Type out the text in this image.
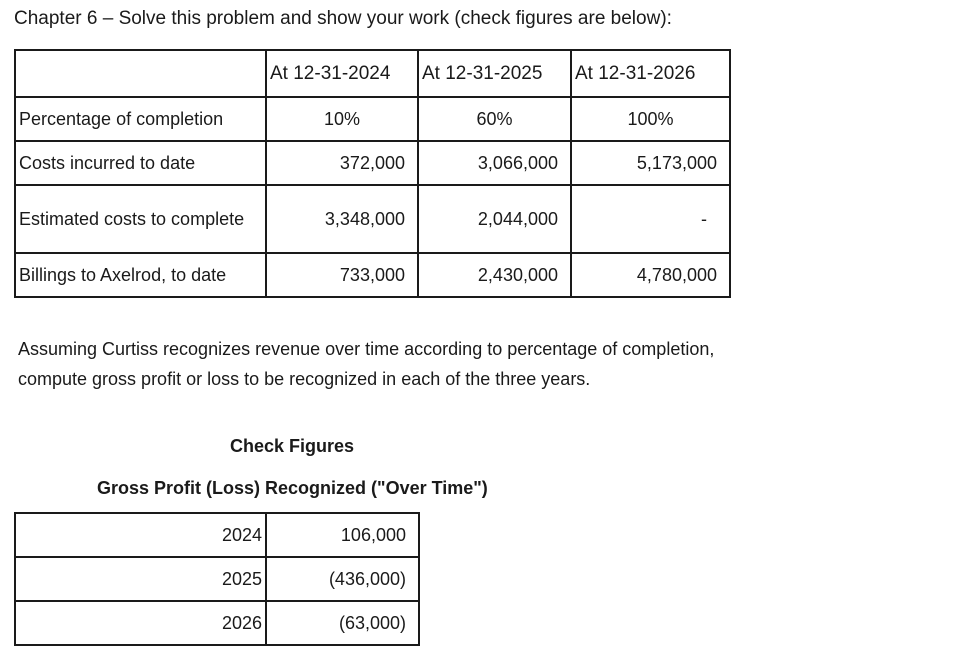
Chapter 6 – Solve this problem and show your work (check figures are below):
	At 12-31-2024	At 12-31-2025	At 12-31-2026
Percentage of completion	10%	60%	100%
Costs incurred to date	372,000	3,066,000	5,173,000
Estimated costs to complete	3,348,000	2,044,000	-
Billings to Axelrod, to date	733,000	2,430,000	4,780,000
Assuming Curtiss recognizes revenue over time according to percentage of completion, compute gross profit or loss to be recognized in each of the three years.
Check Figures
Gross Profit (Loss) Recognized ("Over Time")
2024	106,000
2025	(436,000)
2026	(63,000)
